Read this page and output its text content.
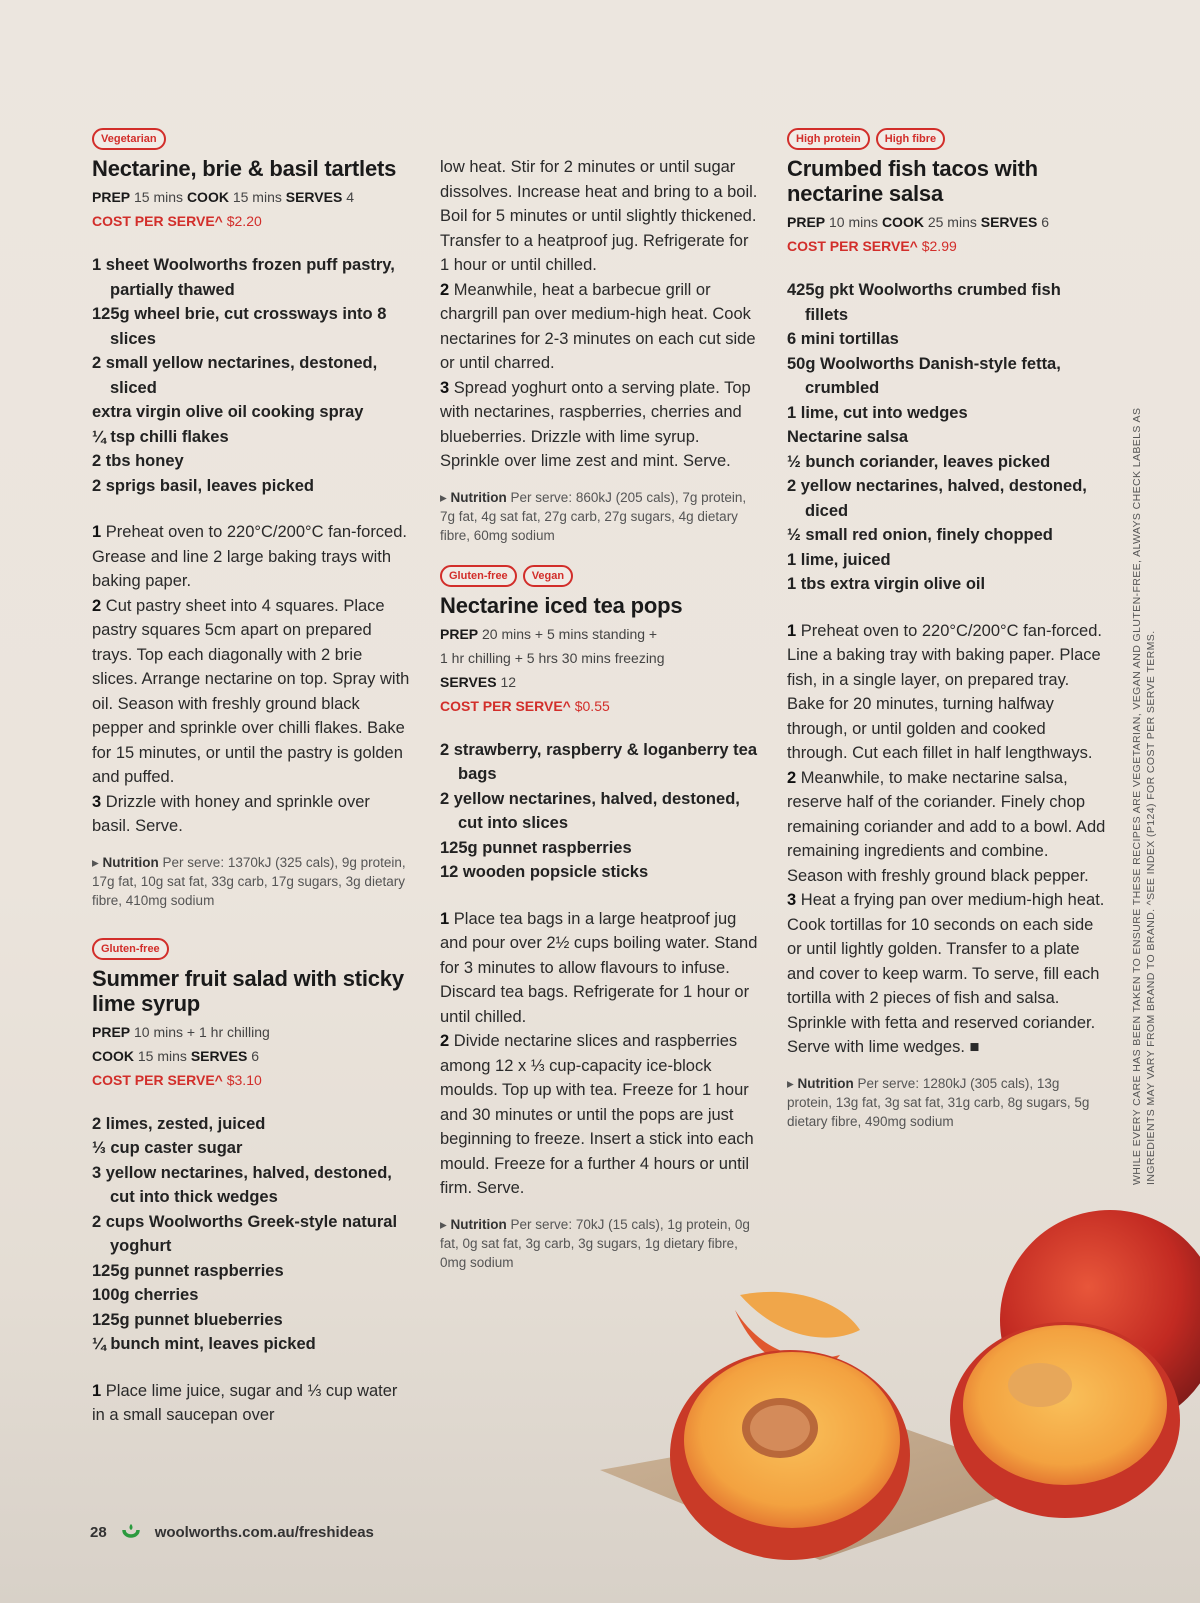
Vegetarian
Nectarine, brie & basil tartlets
PREP 15 mins COOK 15 mins SERVES 4
COST PER SERVE^ $2.20
1 sheet Woolworths frozen puff pastry, partially thawed
125g wheel brie, cut crossways into 8 slices
2 small yellow nectarines, destoned, sliced
extra virgin olive oil cooking spray
¼ tsp chilli flakes
2 tbs honey
2 sprigs basil, leaves picked

1 Preheat oven to 220°C/200°C fan-forced. Grease and line 2 large baking trays with baking paper.

2 Cut pastry sheet into 4 squares. Place pastry squares 5cm apart on prepared trays. Top each diagonally with 2 brie slices. Arrange nectarine on top. Spray with oil. Season with freshly ground black pepper and sprinkle over chilli flakes. Bake for 15 minutes, or until the pastry is golden and puffed.

3 Drizzle with honey and sprinkle over basil. Serve.

▸ Nutrition Per serve: 1370kJ (325 cals), 9g protein, 17g fat, 10g sat fat, 33g carb, 17g sugars, 3g dietary fibre, 410mg sodium
Gluten-free
Summer fruit salad with sticky lime syrup
PREP 10 mins + 1 hr chilling
COOK 15 mins SERVES 6
COST PER SERVE^ $3.10
2 limes, zested, juiced
⅓ cup caster sugar
3 yellow nectarines, halved, destoned, cut into thick wedges
2 cups Woolworths Greek-style natural yoghurt
125g punnet raspberries
100g cherries
125g punnet blueberries
¼ bunch mint, leaves picked

1 Place lime juice, sugar and ⅓ cup water in a small saucepan over

low heat. Stir for 2 minutes or until sugar dissolves. Increase heat and bring to a boil. Boil for 5 minutes or until slightly thickened. Transfer to a heatproof jug. Refrigerate for 1 hour or until chilled.

2 Meanwhile, heat a barbecue grill or chargrill pan over medium-high heat. Cook nectarines for 2-3 minutes on each cut side or until charred.

3 Spread yoghurt onto a serving plate. Top with nectarines, raspberries, cherries and blueberries. Drizzle with lime syrup. Sprinkle over lime zest and mint. Serve.

▸ Nutrition Per serve: 860kJ (205 cals), 7g protein, 7g fat, 4g sat fat, 27g carb, 27g sugars, 4g dietary fibre, 60mg sodium
Gluten-free	Vegan
Nectarine iced tea pops
PREP 20 mins + 5 mins standing +
1 hr chilling + 5 hrs 30 mins freezing
SERVES 12
COST PER SERVE^ $0.55
2 strawberry, raspberry & loganberry tea bags
2 yellow nectarines, halved, destoned, cut into slices
125g punnet raspberries
12 wooden popsicle sticks

1 Place tea bags in a large heatproof jug and pour over 2½ cups boiling water. Stand for 3 minutes to allow flavours to infuse. Discard tea bags. Refrigerate for 1 hour or until chilled.

2 Divide nectarine slices and raspberries among 12 x ⅓ cup-capacity ice-block moulds. Top up with tea. Freeze for 1 hour and 30 minutes or until the pops are just beginning to freeze. Insert a stick into each mould. Freeze for a further 4 hours or until firm. Serve.

▸ Nutrition Per serve: 70kJ (15 cals), 1g protein, 0g fat, 0g sat fat, 3g carb, 3g sugars, 1g dietary fibre, 0mg sodium
High protein	High fibre
Crumbed fish tacos with nectarine salsa
PREP 10 mins COOK 25 mins SERVES 6
COST PER SERVE^ $2.99
425g pkt Woolworths crumbed fish fillets
6 mini tortillas
50g Woolworths Danish-style fetta, crumbled
1 lime, cut into wedges
Nectarine salsa
½ bunch coriander, leaves picked
2 yellow nectarines, halved, destoned, diced
½ small red onion, finely chopped
1 lime, juiced
1 tbs extra virgin olive oil

1 Preheat oven to 220°C/200°C fan-forced. Line a baking tray with baking paper. Place fish, in a single layer, on prepared tray. Bake for 20 minutes, turning halfway through, or until golden and cooked through. Cut each fillet in half lengthways.

2 Meanwhile, to make nectarine salsa, reserve half of the coriander. Finely chop remaining coriander and add to a bowl. Add remaining ingredients and combine. Season with freshly ground black pepper.

3 Heat a frying pan over medium-high heat. Cook tortillas for 10 seconds on each side or until lightly golden. Transfer to a plate and cover to keep warm. To serve, fill each tortilla with 2 pieces of fish and salsa. Sprinkle with fetta and reserved coriander. Serve with lime wedges. ■

▸ Nutrition Per serve: 1280kJ (305 cals), 13g protein, 13g fat, 3g sat fat, 31g carb, 8g sugars, 5g dietary fibre, 490mg sodium	WHILE EVERY CARE HAS BEEN TAKEN TO ENSURE THESE RECIPES ARE VEGETARIAN, VEGAN AND GLUTEN-FREE, ALWAYS CHECK LABELS AS INGREDIENTS MAY VARY FROM BRAND TO BRAND. ^SEE INDEX (P124) FOR COST PER SERVE TERMS.
28	woolworths.com.au/freshideas
